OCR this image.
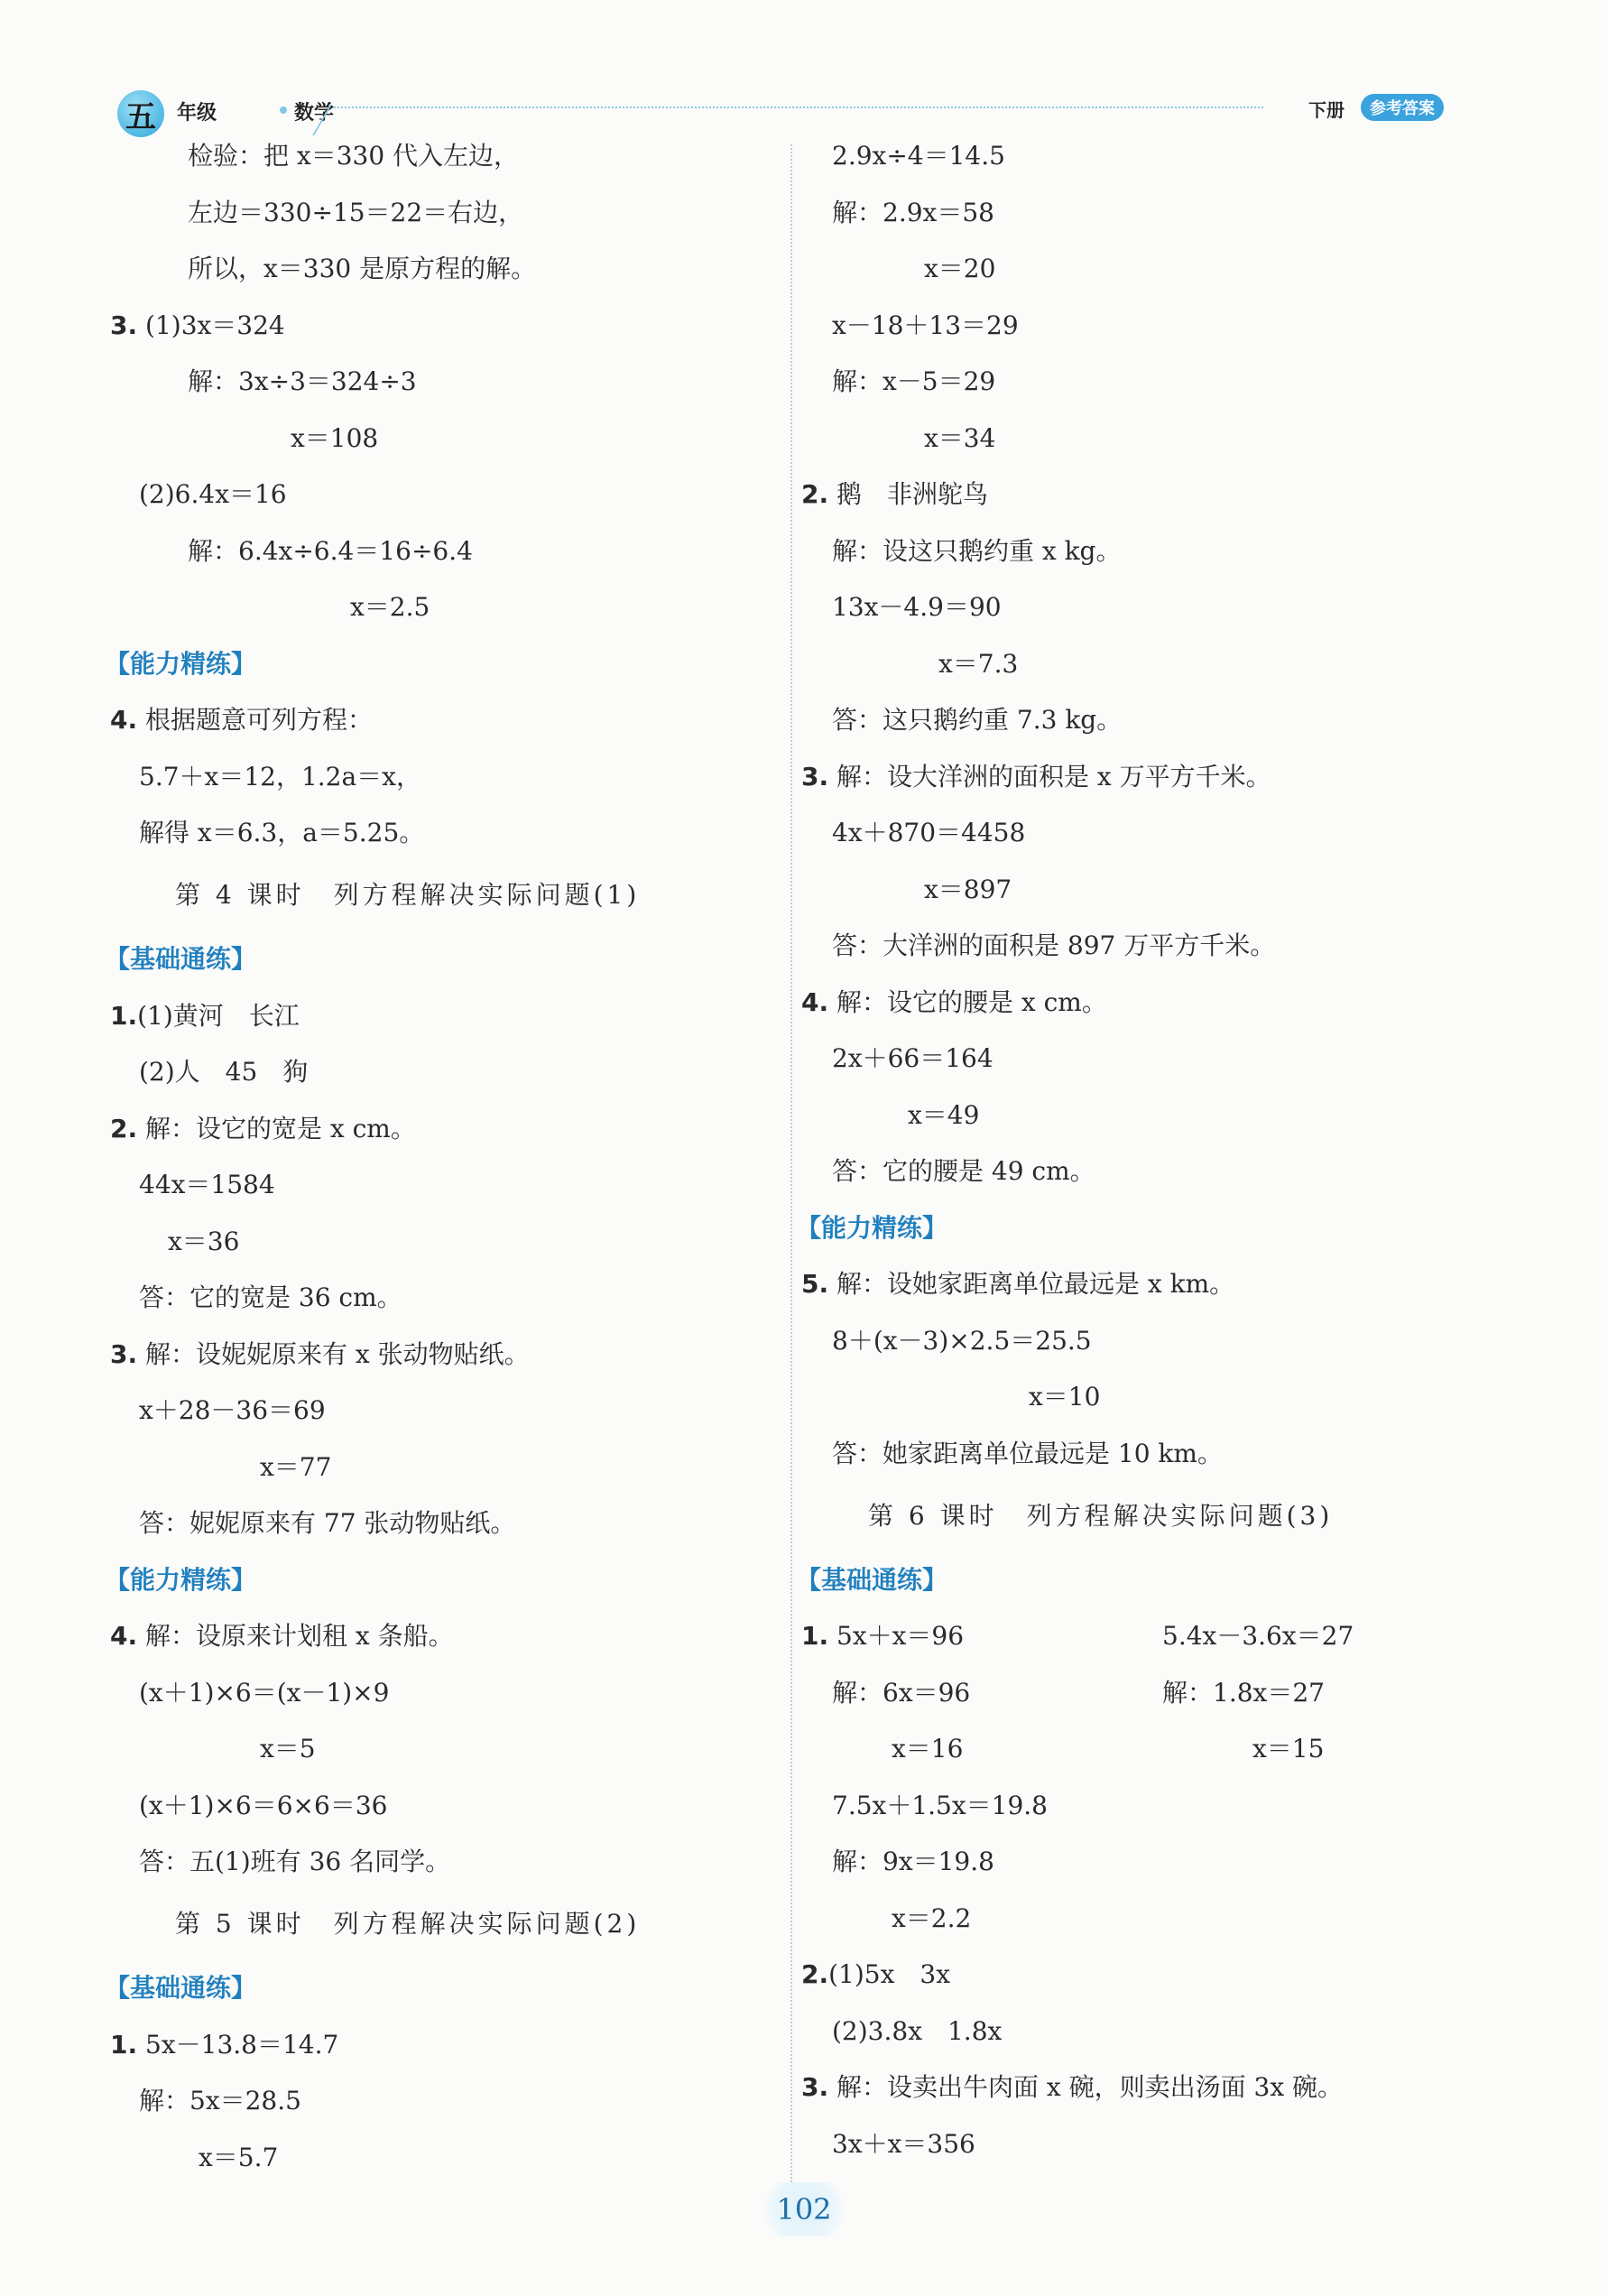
五	年级	数学	下册	参考答案
检验：把 x＝330 代入左边，
左边＝330÷15＝22＝右边，
所以，x＝330 是原方程的解。
3. (1)3x＝324
解：3x÷3＝324÷3
x＝108
(2)6.4x＝16
解：6.4x÷6.4＝16÷6.4
x＝2.5
【能力精练】
4. 根据题意可列方程：
5.7＋x＝12，1.2a＝x，
解得 x＝6.3，a＝5.25。
第 4 课时　列方程解决实际问题(1)
【基础通练】
1.(1)黄河　长江
(2)人　45　狗
2. 解：设它的宽是 x cm。
44x＝1584
x＝36
答：它的宽是 36 cm。
3. 解：设妮妮原来有 x 张动物贴纸。
x＋28－36＝69
x＝77
答：妮妮原来有 77 张动物贴纸。
【能力精练】
4. 解：设原来计划租 x 条船。
(x＋1)×6＝(x－1)×9
x＝5
(x＋1)×6＝6×6＝36
答：五(1)班有 36 名同学。
第 5 课时　列方程解决实际问题(2)
【基础通练】
1. 5x－13.8＝14.7
解：5x＝28.5
x＝5.7
2.9x÷4＝14.5
解：2.9x＝58
x＝20
x－18＋13＝29
解：x－5＝29
x＝34
2. 鹅　非洲鸵鸟
解：设这只鹅约重 x kg。
13x－4.9＝90
x＝7.3
答：这只鹅约重 7.3 kg。
3. 解：设大洋洲的面积是 x 万平方千米。
4x＋870＝4458
x＝897
答：大洋洲的面积是 897 万平方千米。
4. 解：设它的腰是 x cm。
2x＋66＝164
x＝49
答：它的腰是 49 cm。
【能力精练】
5. 解：设她家距离单位最远是 x km。
8＋(x－3)×2.5＝25.5
x＝10
答：她家距离单位最远是 10 km。
第 6 课时　列方程解决实际问题(3)
【基础通练】
1. 5x＋x＝96	5.4x－3.6x＝27
解：6x＝96	解：1.8x＝27
x＝16	x＝15
7.5x＋1.5x＝19.8
解：9x＝19.8
x＝2.2
2.(1)5x　3x
(2)3.8x　1.8x
3. 解：设卖出牛肉面 x 碗，则卖出汤面 3x 碗。
3x＋x＝356
102
